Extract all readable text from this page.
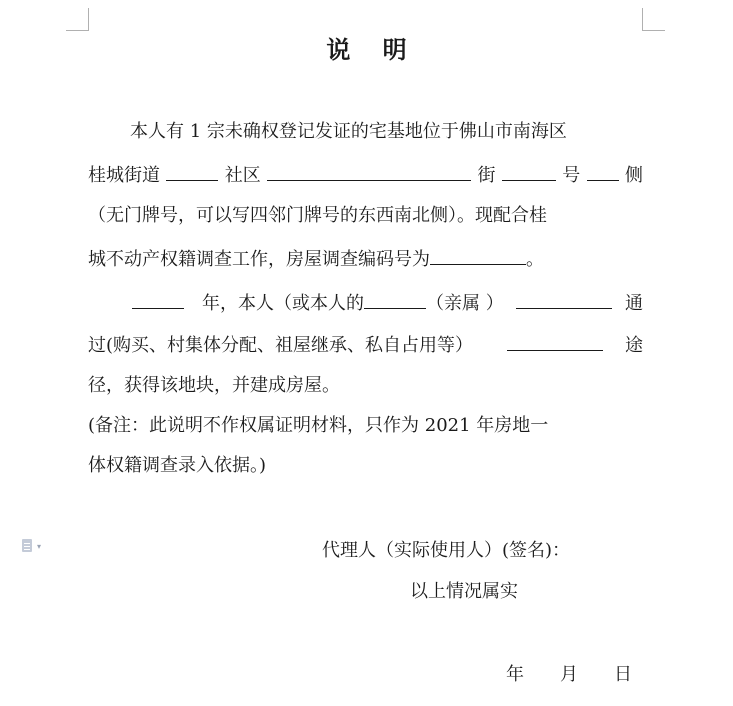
说 明
本人有 1 宗未确权登记发证的宅基地位于佛山市南海区
桂城街道	社区	街	号 侧
（无门牌号，可以写四邻门牌号的东西南北侧）。现配合桂
城不动产权籍调查工作，房屋调查编码号为	。
年，本人（或本人的	（亲属 ）	通
过(购买、村集体分配、祖屋继承、私自占用等）	途
径，获得该地块，并建成房屋。
(备注：此说明不作权属证明材料，只作为 2021 年房地一
体权籍调查录入依据。)
▾	代理人（实际使用人）(签名)：
以上情况属实
年 月 日
